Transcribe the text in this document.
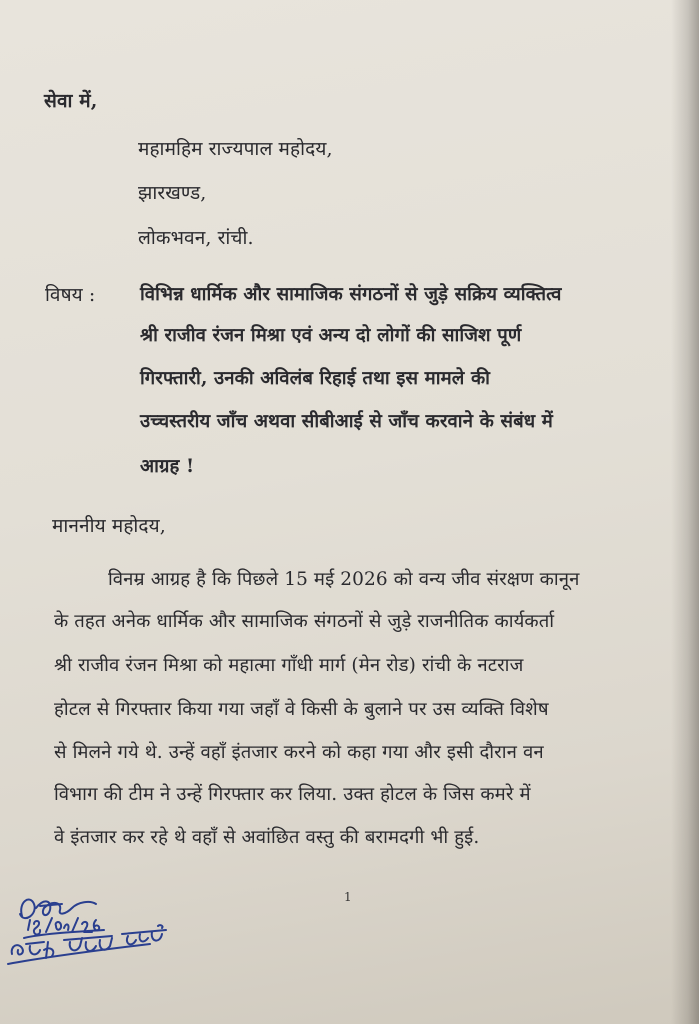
सेवा में,
महामहिम राज्यपाल महोदय,
झारखण्ड,
लोकभवन, रांची.
विषय : विभिन्न धार्मिक और सामाजिक संगठनों से जुड़े सक्रिय व्यक्तित्व
श्री राजीव रंजन मिश्रा एवं अन्य दो लोगों की साजिश पूर्ण
गिरफ्तारी, उनकी अविलंब रिहाई तथा इस मामले की
उच्चस्तरीय जाँच अथवा सीबीआई से जाँच करवाने के संबंध में
आग्रह !
माननीय महोदय,
विनम्र आग्रह है कि पिछले 15 मई 2026 को वन्य जीव संरक्षण कानून
के तहत अनेक धार्मिक और सामाजिक संगठनों से जुड़े राजनीतिक कार्यकर्ता
श्री राजीव रंजन मिश्रा को महात्मा गाँधी मार्ग (मेन रोड) रांची के नटराज
होटल से गिरफ्तार किया गया जहाँ वे किसी के बुलाने पर उस व्यक्ति विशेष
से मिलने गये थे. उन्हें वहाँ इंतजार करने को कहा गया और इसी दौरान वन
विभाग की टीम ने उन्हें गिरफ्तार कर लिया. उक्त होटल के जिस कमरे में
वे इंतजार कर रहे थे वहाँ से अवांछित वस्तु की बरामदगी भी हुई.
1
